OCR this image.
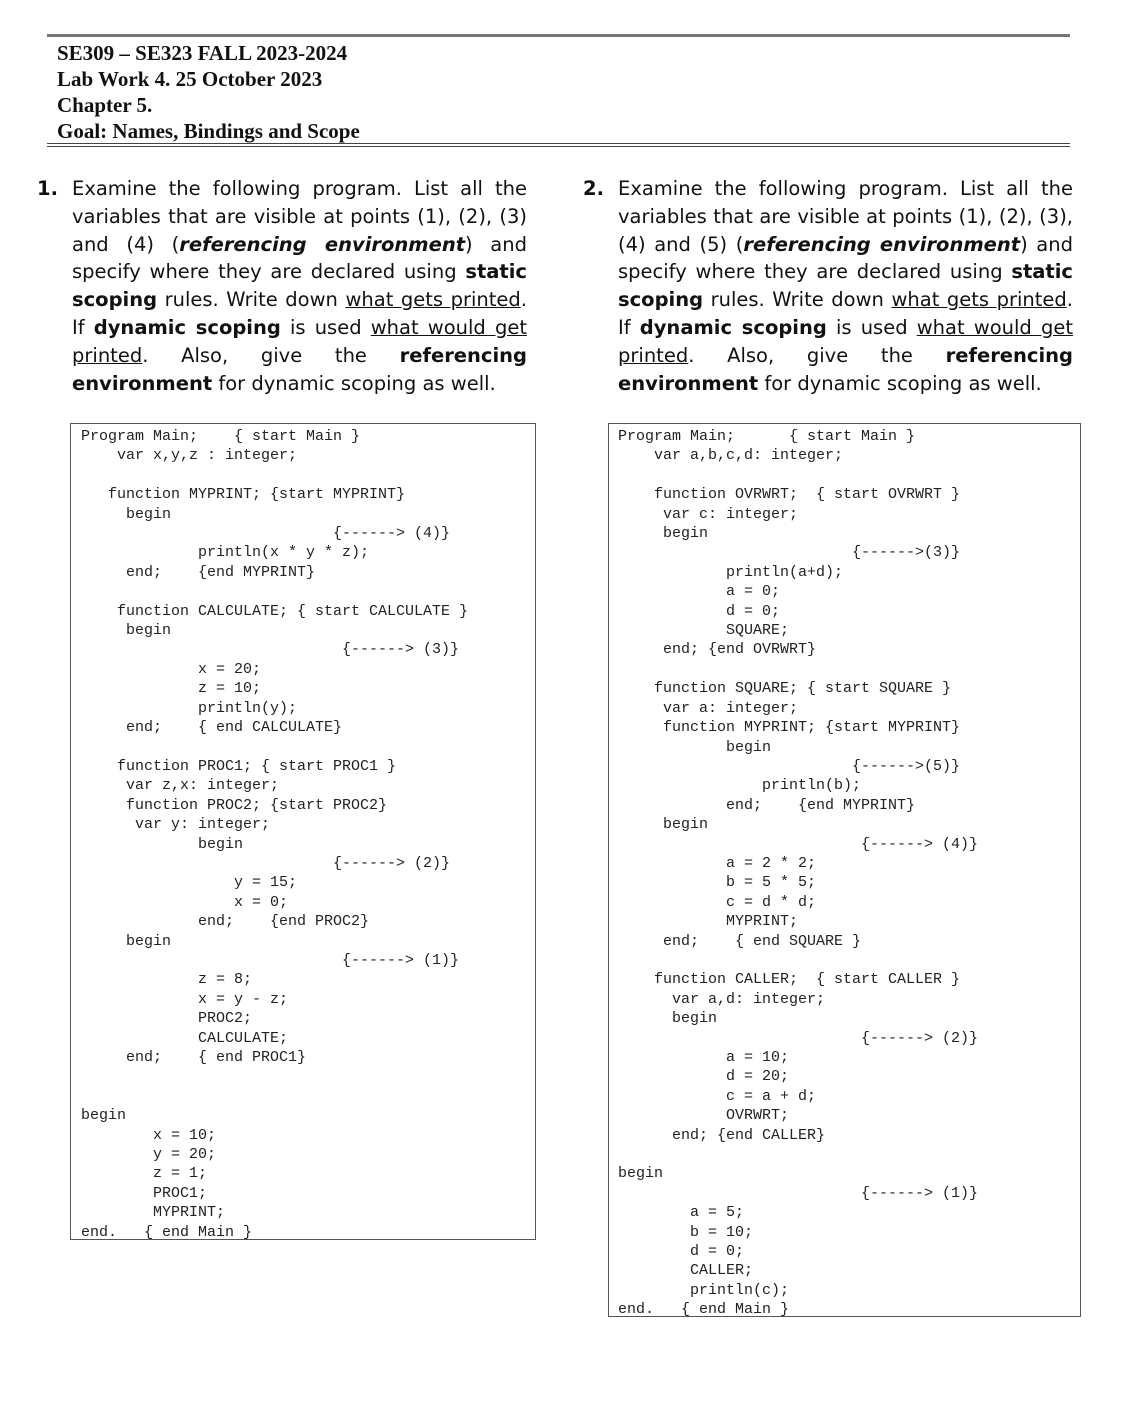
SE309 – SE323 FALL 2023-2024
Lab Work 4. 25 October 2023
Chapter 5.
Goal: Names, Bindings and Scope
1. Examine the following program. List all the variables that are visible at points (1), (2), (3) and (4) (referencing environment) and specify where they are declared using static scoping rules. Write down what gets printed. If dynamic scoping is used what would get printed. Also, give the referencing environment for dynamic scoping as well.

2. Examine the following program. List all the variables that are visible at points (1), (2), (3),(4) and (5) (referencing environment) and specify where they are declared using static scoping rules. Write down what gets printed. If dynamic scoping is used what would get printed. Also, give the referencing environment for dynamic scoping as well.

Program Main;    { start Main }
var x,y,z : integer;

function MYPRINT; {start MYPRINT}
begin
{------> (4)}
println(x * y * z);
end;    {end MYPRINT}

function CALCULATE; { start CALCULATE }
begin
{------> (3)}
x = 20;
z = 10;
println(y);
end;    { end CALCULATE}

function PROC1; { start PROC1 }
var z,x: integer;
function PROC2; {start PROC2}
var y: integer;
begin
{------> (2)}
y = 15;
x = 0;
end;    {end PROC2}
begin
{------> (1)}
z = 8;
x = y - z;
PROC2;
CALCULATE;
end;    { end PROC1}

begin
x = 10;
y = 20;
z = 1;
PROC1;
MYPRINT;
end.   { end Main }
Program Main;      { start Main }
var a,b,c,d: integer;

function OVRWRT;  { start OVRWRT }
var c: integer;
begin
{------>(3)}
println(a+d);
a = 0;
d = 0;
SQUARE;
end; {end OVRWRT}

function SQUARE; { start SQUARE }
var a: integer;
function MYPRINT; {start MYPRINT}
begin
{------>(5)}
println(b);
end;    {end MYPRINT}
begin
{------> (4)}
a = 2 * 2;
b = 5 * 5;
c = d * d;
MYPRINT;
end;    { end SQUARE }

function CALLER;  { start CALLER }
var a,d: integer;
begin
{------> (2)}
a = 10;
d = 20;
c = a + d;
OVRWRT;
end; {end CALLER}

begin
{------> (1)}
a = 5;
b = 10;
d = 0;
CALLER;
println(c);
end.   { end Main }
